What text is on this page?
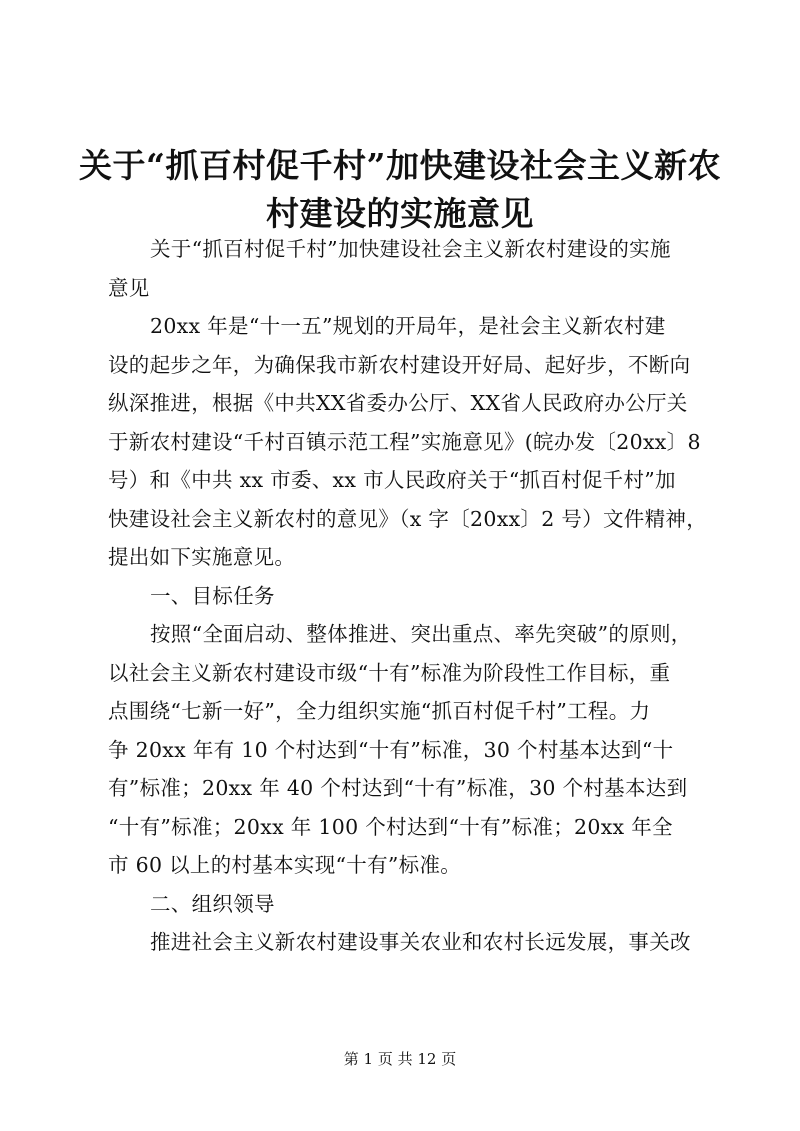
关于“抓百村促千村”加快建设社会主义新农
村建设的实施意见
关于“抓百村促千村”加快建设社会主义新农村建设的实施
意见
20xx 年是“十一五”规划的开局年，是社会主义新农村建
设的起步之年，为确保我市新农村建设开好局、起好步，不断向
纵深推进，根据《中共XX省委办公厅、XX省人民政府办公厅关
于新农村建设“千村百镇示范工程”实施意见》(皖办发〔20xx〕8
号）和《中共 xx 市委、xx 市人民政府关于“抓百村促千村”加
快建设社会主义新农村的意见》（x 字〔20xx〕2 号）文件精神，
提出如下实施意见。
一、目标任务
按照“全面启动、整体推进、突出重点、率先突破”的原则，
以社会主义新农村建设市级“十有”标准为阶段性工作目标，重
点围绕“七新一好”，全力组织实施“抓百村促千村”工程。力
争 20xx 年有 10 个村达到“十有”标准，30 个村基本达到“十
有”标准；20xx 年 40 个村达到“十有”标准，30 个村基本达到
“十有”标准；20xx 年 100 个村达到“十有”标准；20xx 年全
市 60 以上的村基本实现“十有”标准。
二、组织领导
推进社会主义新农村建设事关农业和农村长远发展，事关改
第 1 页 共 12 页
